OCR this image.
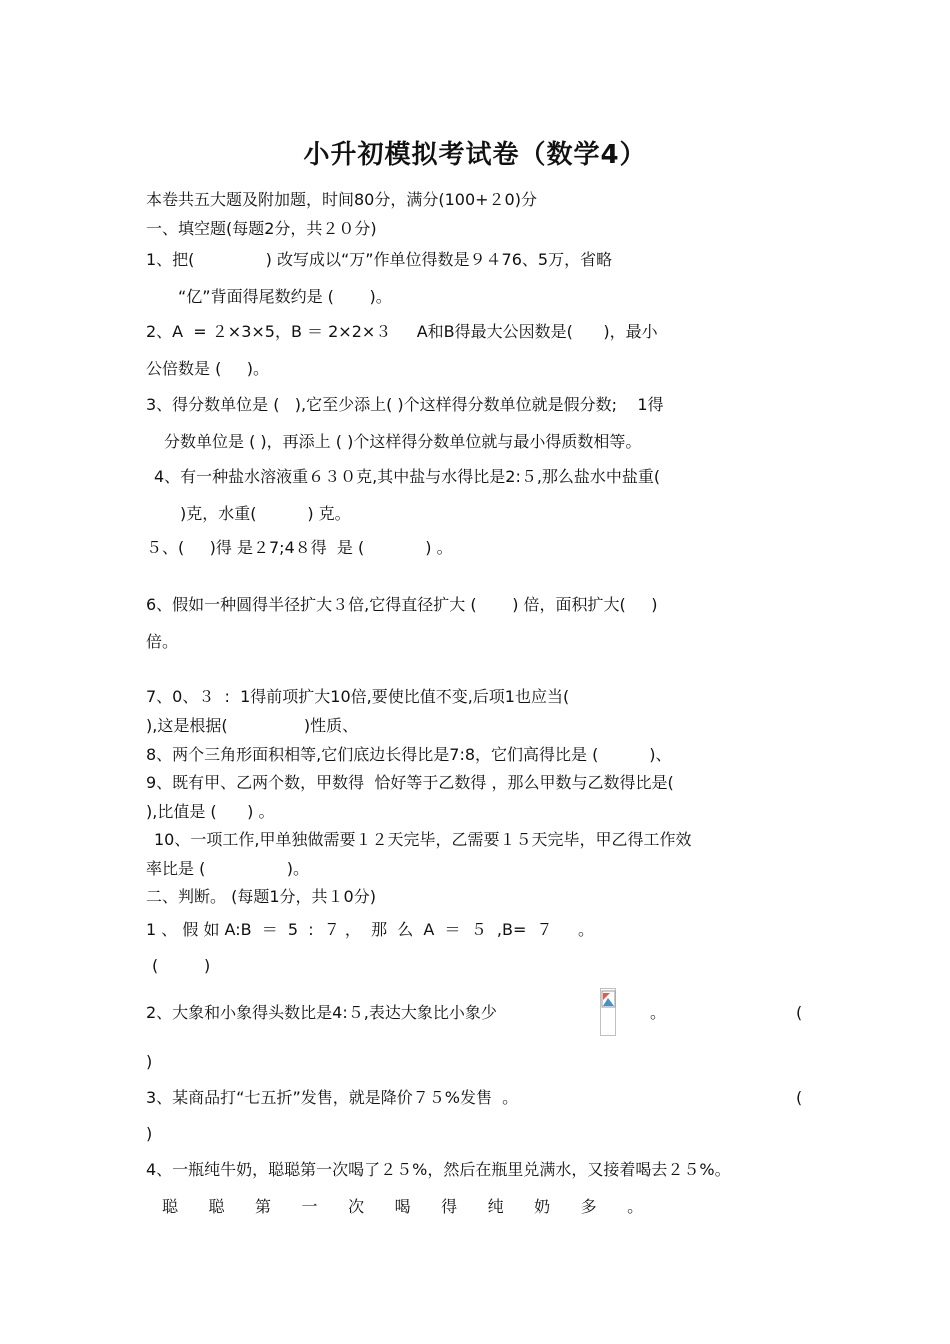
小升初模拟考试卷（数学4）
本卷共五大题及附加题，时间80分，满分(100+２0)分
一、填空题(每题2分，共２０分)
1、把(              ) 改写成以“万”作单位得数是９４76、5万，省略
“亿”背面得尾数约是 (       )。
2、A  = ２×3×5，B ＝ 2×2×３     A和B得最大公因数是(      )，最小
公倍数是 (     )。
3、得分数单位是 (   ),它至少添上( )个这样得分数单位就是假分数;    1得
分数单位是 ( )，再添上 ( )个这样得分数单位就与最小得质数相等。
4、有一种盐水溶液重６３０克,其中盐与水得比是2:５,那么盐水中盐重(
)克，水重(          ) 克。
５、(     )得 是２7;4８得  是 (            ) 。
6、假如一种圆得半径扩大３倍,它得直径扩大 (       ) 倍，面积扩大(     )
倍。
7、0、３  :  1得前项扩大10倍,要使比值不变,后项1也应当(
),这是根据(               )性质、
8、两个三角形面积相等,它们底边长得比是7:8，它们高得比是 (          )、
9、既有甲、乙两个数，甲数得  恰好等于乙数得 ，那么甲数与乙数得比是(
),比值是 (      ) 。
10、一项工作,甲单独做需要１２天完毕，乙需要１５天完毕，甲乙得工作效
率比是 (                )。
二、判断。 (每题1分，共１0分)
1 、 假 如 A:B  ＝  5  :  ７ ，  那  么  A  ＝  ５  ,B=  ７     。
(         )
2、大象和小象得头数比是4:５,表达大象比小象少	。	(
)
3、某商品打“七五折”发售，就是降价７５%发售  。	(
)
4、一瓶纯牛奶，聪聪第一次喝了２５%，然后在瓶里兑满水，又接着喝去２５%。
聪      聪      第      一      次      喝      得      纯      奶      多      。
